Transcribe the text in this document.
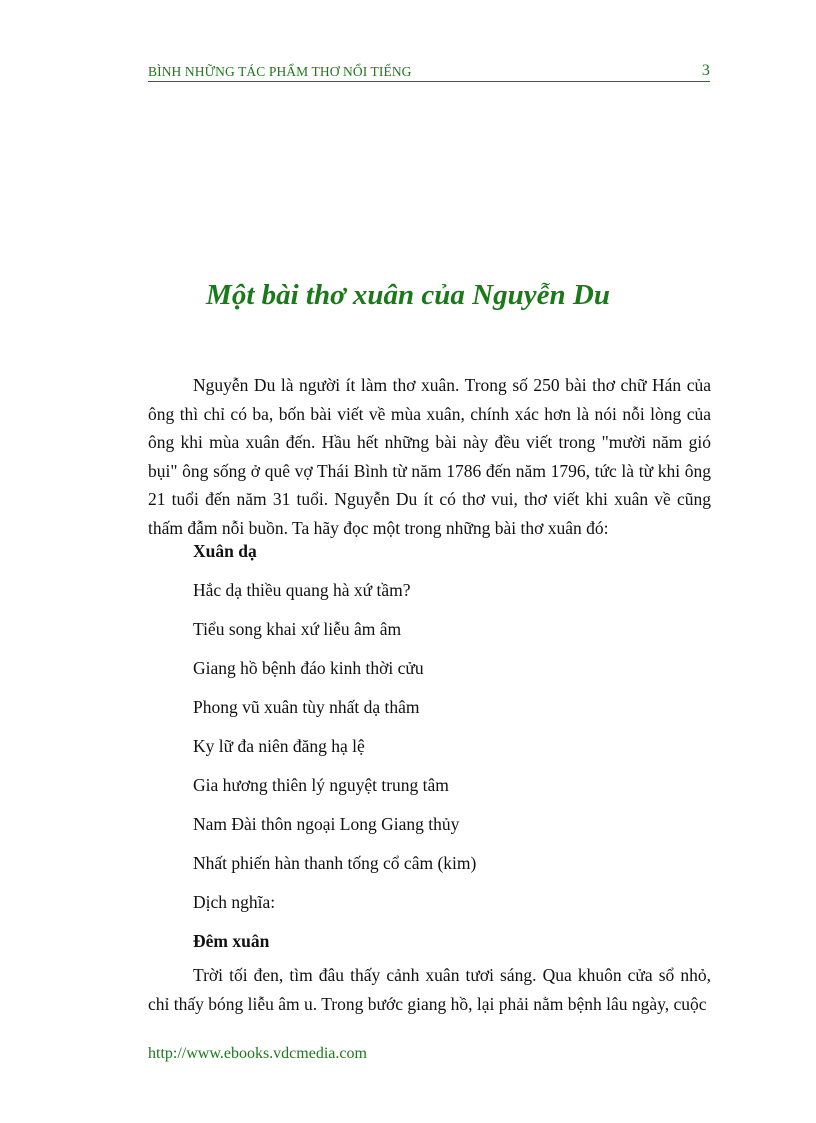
BÌNH NHỮNG TÁC PHẨM THƠ NỔI TIẾNG	3
Một bài thơ xuân của Nguyễn Du

Nguyễn Du là người ít làm thơ xuân. Trong số 250 bài thơ chữ Hán của ông thì chỉ có ba, bốn bài viết về mùa xuân, chính xác hơn là nói nỗi lòng của ông khi mùa xuân đến. Hầu hết những bài này đều viết trong "mười năm gió bụi" ông sống ở quê vợ Thái Bình từ năm 1786 đến năm 1796, tức là từ khi ông 21 tuổi đến năm 31 tuổi. Nguyễn Du ít có thơ vui, thơ viết khi xuân về cũng thấm đẫm nỗi buồn. Ta hãy đọc một trong những bài thơ xuân đó:

Xuân dạ
Hắc dạ thiều quang hà xứ tầm?
Tiểu song khai xứ liễu âm âm
Giang hồ bệnh đáo kinh thời cửu
Phong vũ xuân tùy nhất dạ thâm
Ky lữ đa niên đăng hạ lệ
Gia hương thiên lý nguyệt trung tâm
Nam Đài thôn ngoại Long Giang thủy
Nhất phiến hàn thanh tống cổ câm (kim)
Dịch nghĩa:
Đêm xuân

Trời tối đen, tìm đâu thấy cảnh xuân tươi sáng. Qua khuôn cửa sổ nhỏ, chỉ thấy bóng liễu âm u. Trong bước giang hồ, lại phải nằm bệnh lâu ngày, cuộc

http://www.ebooks.vdcmedia.com
